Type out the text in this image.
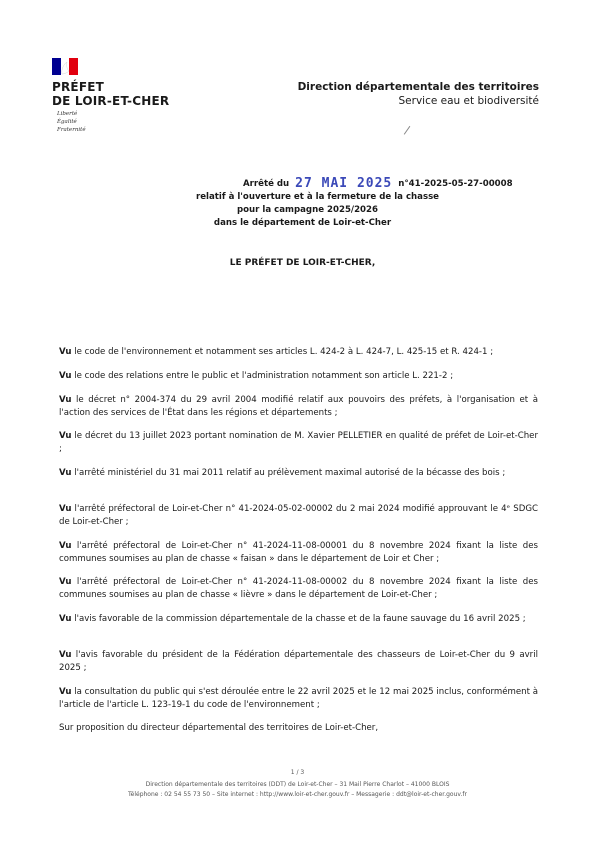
PRÉFET
DE LOIR-ET-CHER
Liberté
Égalité
Fraternité
Direction départementale des territoires
Service eau et biodiversité
Arrêté du 27 MAI 2025 n°41-2025-05-27-00008
relatif à l'ouverture et à la fermeture de la chasse
pour la campagne 2025/2026
dans le département de Loir-et-Cher
LE PRÉFET DE LOIR-ET-CHER,
Vu le code de l'environnement et notamment ses articles L. 424-2 à L. 424-7, L. 425-15 et R. 424-1 ;
Vu le code des relations entre le public et l'administration notamment son article L. 221-2 ;
Vu le décret n° 2004-374 du 29 avril 2004 modifié relatif aux pouvoirs des préfets, à l'organisation et à l'action des services de l'État dans les régions et départements ;
Vu le décret du 13 juillet 2023 portant nomination de M. Xavier PELLETIER en qualité de préfet de Loir-et-Cher ;
Vu l'arrêté ministériel du 31 mai 2011 relatif au prélèvement maximal autorisé de la bécasse des bois ;
Vu l'arrêté préfectoral de Loir-et-Cher n° 41-2024-05-02-00002 du 2 mai 2024 modifié approuvant le 4ᵉ SDGC de Loir-et-Cher ;
Vu l'arrêté préfectoral de Loir-et-Cher n° 41-2024-11-08-00001 du 8 novembre 2024 fixant la liste des communes soumises au plan de chasse « faisan » dans le département de Loir et Cher ;
Vu l'arrêté préfectoral de Loir-et-Cher n° 41-2024-11-08-00002 du 8 novembre 2024 fixant la liste des communes soumises au plan de chasse « lièvre » dans le département de Loir-et-Cher ;
Vu l'avis favorable de la commission départementale de la chasse et de la faune sauvage du 16 avril 2025 ;
Vu l'avis favorable du président de la Fédération départementale des chasseurs de Loir-et-Cher du 9 avril 2025 ;
Vu la consultation du public qui s'est déroulée entre le 22 avril 2025 et le 12 mai 2025 inclus, conformément à l'article de l'article L. 123-19-1 du code de l'environnement ;
Sur proposition du directeur départemental des territoires de Loir-et-Cher,
1 / 3
Direction départementale des territoires (DDT) de Loir-et-Cher – 31 Mail Pierre Charlot – 41000 BLOIS
Téléphone : 02 54 55 73 50 – Site internet : http://www.loir-et-cher.gouv.fr – Messagerie : ddt@loir-et-cher.gouv.fr
